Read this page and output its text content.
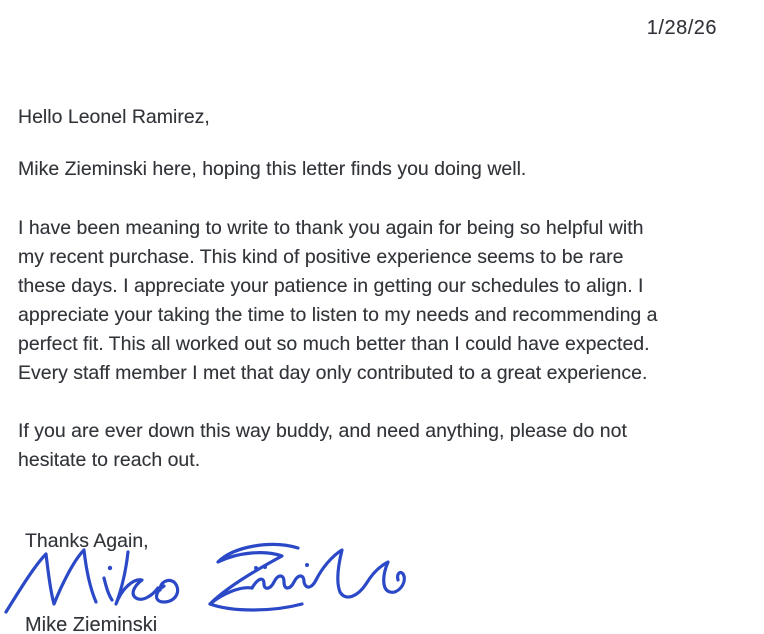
1/28/26
Hello Leonel Ramirez,
Mike Zieminski here, hoping this letter finds you doing well.
I have been meaning to write to thank you again for being so helpful with
my recent purchase. This kind of positive experience seems to be rare
these days. I appreciate your patience in getting our schedules to align. I
appreciate your taking the time to listen to my needs and recommending a
perfect fit. This all worked out so much better than I could have expected.
Every staff member I met that day only contributed to a great experience.
If you are ever down this way buddy, and need anything, please do not
hesitate to reach out.
Thanks Again,
Mike Zieminski
